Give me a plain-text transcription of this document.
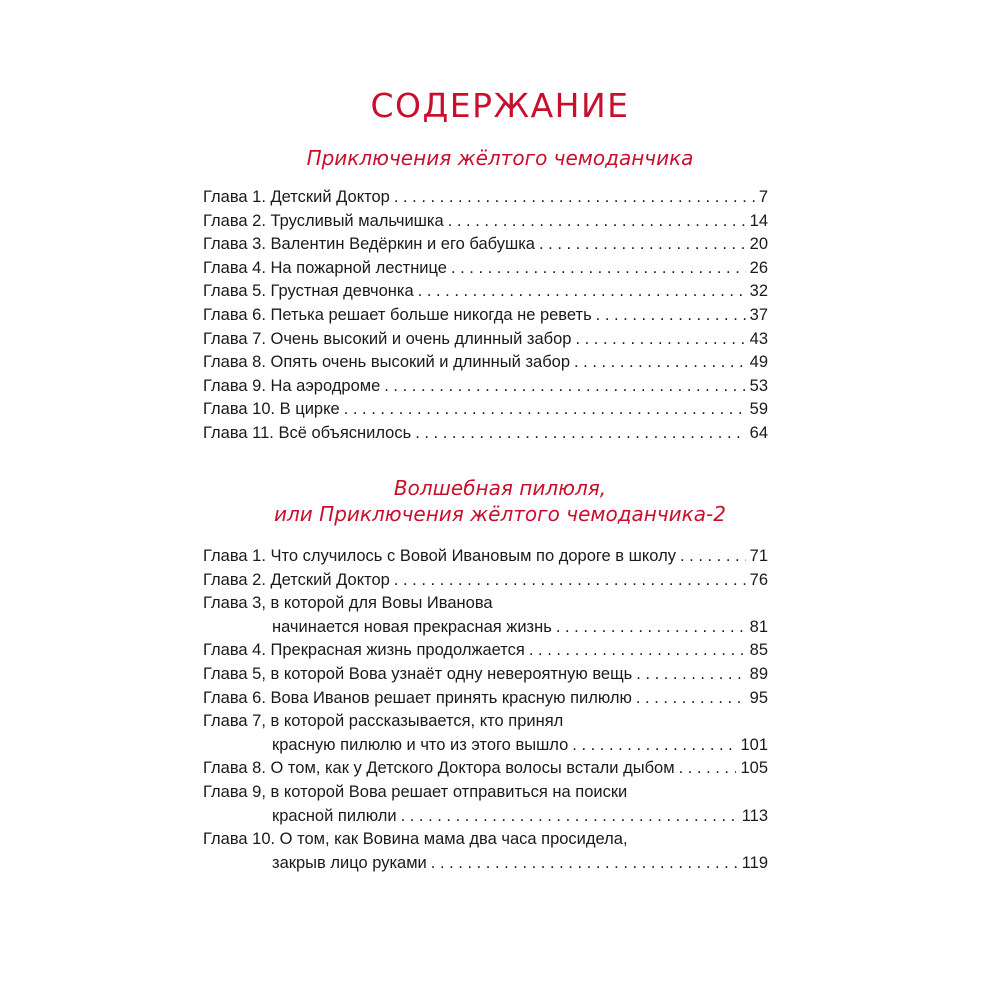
СОДЕРЖАНИЕ
Приключения жёлтого чемоданчика
Глава 1. Детский Доктор . . .	7
Глава 2. Трусливый мальчишка . . .	14
Глава 3. Валентин Ведёркин и его бабушка . . .	20
Глава 4. На пожарной лестнице . . .	26
Глава 5. Грустная девчонка . . .	32
Глава 6. Петька решает больше никогда не реветь . . .	37
Глава 7. Очень высокий и очень длинный забор . . .	43
Глава 8. Опять очень высокий и длинный забор . . .	49
Глава 9. На аэродроме . . .	53
Глава 10. В цирке . . .	59
Глава 11. Всё объяснилось . . .	64
Волшебная пилюля,
или Приключения жёлтого чемоданчика-2
Глава 1. Что случилось с Вовой Ивановым по дороге в школу . . .	71
Глава 2. Детский Доктор . . .	76
Глава 3, в которой для Вовы Иванова
начинается новая прекрасная жизнь . . .	81
Глава 4. Прекрасная жизнь продолжается . . .	85
Глава 5, в которой Вова узнаёт одну невероятную вещь . . .	89
Глава 6. Вова Иванов решает принять красную пилюлю . . .	95
Глава 7, в которой рассказывается, кто принял
красную пилюлю и что из этого вышло . . .	101
Глава 8. О том, как у Детского Доктора волосы встали дыбом . . .	105
Глава 9, в которой Вова решает отправиться на поиски
красной пилюли . . .	113
Глава 10. О том, как Вовина мама два часа просидела,
закрыв лицо руками . . .	119
